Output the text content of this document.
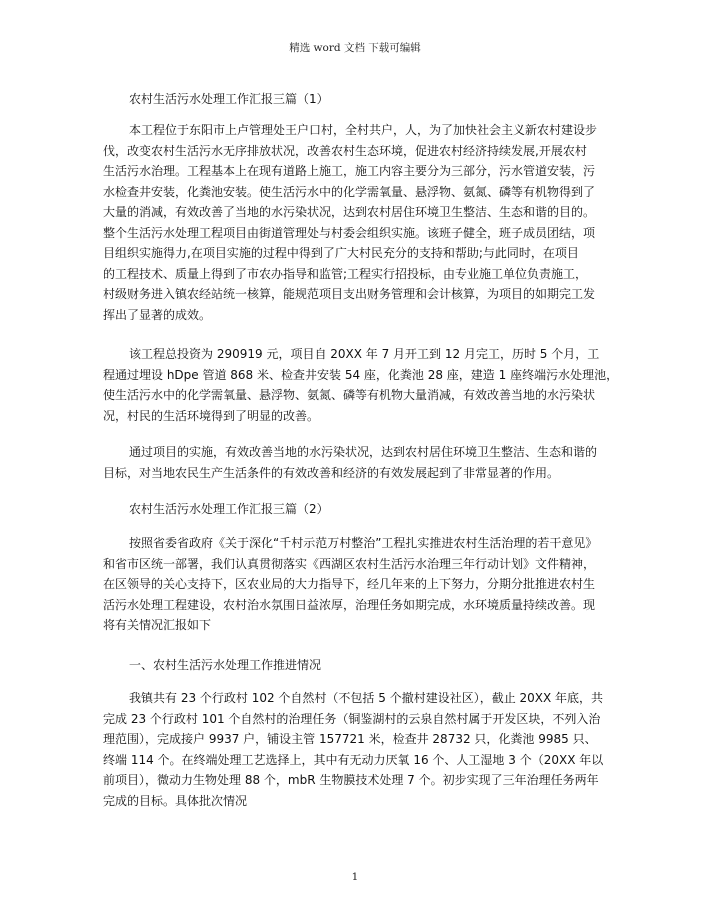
精选 word 文档 下载可编辑
农村生活污水处理工作汇报三篇（1）
本工程位于东阳市上卢管理处王户口村，全村共户，人，为了加快社会主义新农村建设步
伐，改变农村生活污水无序排放状况，改善农村生态环境，促进农村经济持续发展,开展农村
生活污水治理。工程基本上在现有道路上施工，施工内容主要分为三部分，污水管道安装，污
水检查井安装，化粪池安装。使生活污水中的化学需氧量、悬浮物、氨氮、磷等有机物得到了
大量的消减，有效改善了当地的水污染状况，达到农村居住环境卫生整洁、生态和谐的目的。
整个生活污水处理工程项目由街道管理处与村委会组织实施。该班子健全，班子成员团结，项
目组织实施得力,在项目实施的过程中得到了广大村民充分的支持和帮助;与此同时，在项目
的工程技术、质量上得到了市农办指导和监管;工程实行招投标，由专业施工单位负责施工，
村级财务进入镇农经站统一核算，能规范项目支出财务管理和会计核算，为项目的如期完工发
挥出了显著的成效。
该工程总投资为 290919 元，项目自 20XX 年 7 月开工到 12 月完工，历时 5 个月，工
程通过埋设 hDpe 管道 868 米、检查井安装 54 座，化粪池 28 座，建造 1 座终端污水处理池，
使生活污水中的化学需氧量、悬浮物、氨氮、磷等有机物大量消减，有效改善当地的水污染状
况，村民的生活环境得到了明显的改善。
通过项目的实施，有效改善当地的水污染状况，达到农村居住环境卫生整洁、生态和谐的
目标，对当地农民生产生活条件的有效改善和经济的有效发展起到了非常显著的作用。
农村生活污水处理工作汇报三篇（2）
按照省委省政府《关于深化“千村示范万村整治”工程扎实推进农村生活治理的若干意见》
和省市区统一部署，我们认真贯彻落实《西湖区农村生活污水治理三年行动计划》文件精神，
在区领导的关心支持下，区农业局的大力指导下，经几年来的上下努力，分期分批推进农村生
活污水处理工程建设，农村治水氛围日益浓厚，治理任务如期完成，水环境质量持续改善。现
将有关情况汇报如下
一、农村生活污水处理工作推进情况
我镇共有 23 个行政村 102 个自然村（不包括 5 个撤村建设社区），截止 20XX 年底，共
完成 23 个行政村 101 个自然村的治理任务（铜鉴湖村的云泉自然村属于开发区块，不列入治
理范围），完成接户 9937 户，铺设主管 157721 米，检查井 28732 只，化粪池 9985 只、
终端 114 个。在终端处理工艺选择上，其中有无动力厌氧 16 个、人工湿地 3 个（20XX 年以
前项目），微动力生物处理 88 个，mbR 生物膜技术处理 7 个。初步实现了三年治理任务两年
完成的目标。具体批次情况
1
